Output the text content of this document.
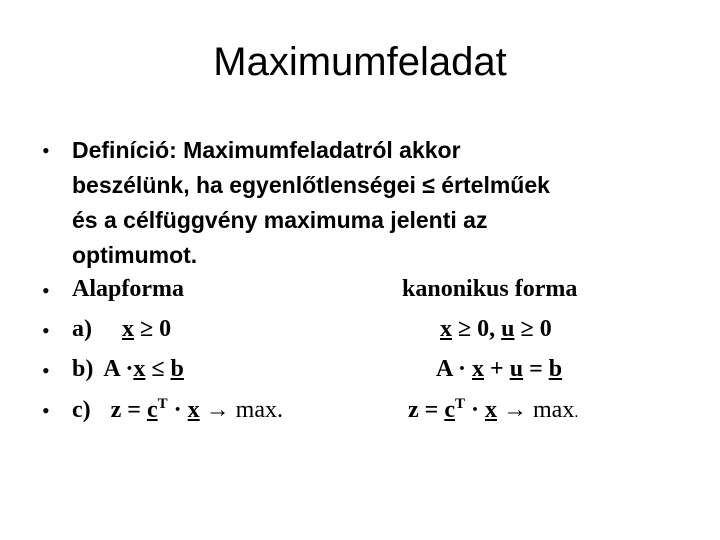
Maximumfeladat
•
•
•
•
•
Definíció: Maximumfeladatról akkor
beszélünk, ha egyenlőtlenségei ≤ értelműek
és a célfüggvény maximuma jelenti az
optimumot.
Alapforma	kanonikus forma
a) x ≥ 0	x ≥ 0, u ≥ 0
b) A ·x ≤ b	A · x + u = b
c) $z = c^T \cdot x \to \max$.	$z = c^T \cdot x \to \max$.
